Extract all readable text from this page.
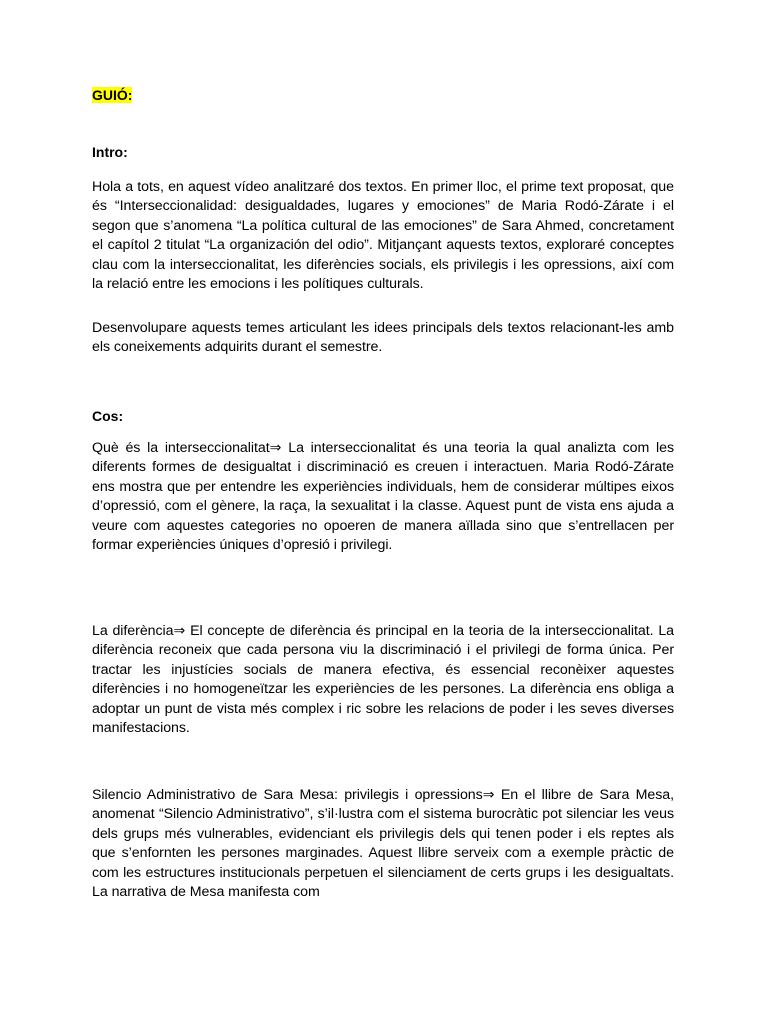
GUIÓ:
Intro:

Hola a tots, en aquest vídeo analitzaré dos textos. En primer lloc, el prime text proposat, que és “Interseccionalidad: desigualdades, lugares y emociones” de Maria Rodó-Zárate i el segon que s’anomena “La política cultural de las emociones” de Sara Ahmed, concretament el capítol 2 titulat “La organización del odio”. Mitjançant aquests textos, exploraré conceptes clau com la interseccionalitat, les diferències socials, els privilegis i les opressions, així com la relació entre les emocions i les polítiques culturals.

Desenvolupare aquests temes articulant les idees principals dels textos relacionant-les amb els coneixements adquirits durant el semestre.

Cos:

Què és la interseccionalitat⇒ La interseccionalitat és una teoria la qual analizta com les diferents formes de desigualtat i discriminació es creuen i interactuen. Maria Rodó-Zárate ens mostra que per entendre les experiències individuals, hem de considerar múltipes eixos d’opressió, com el gènere, la raça, la sexualitat i la classe. Aquest punt de vista ens ajuda a veure com aquestes categories no opoeren de manera aïllada sino que s’entrellacen per formar experiències úniques d’opresió i privilegi.

La diferència⇒ El concepte de diferència és principal en la teoria de la interseccionalitat. La diferència reconeix que cada persona viu la discriminació i el privilegi de forma única. Per tractar les injustícies socials de manera efectiva, és essencial reconèixer aquestes diferències i no homogeneïtzar les experiències de les persones. La diferència ens obliga a adoptar un punt de vista més complex i ric sobre les relacions de poder i les seves diverses manifestacions.

Silencio Administrativo de Sara Mesa: privilegis i opressions⇒ En el llibre de Sara Mesa, anomenat “Silencio Administrativo”, s’il·lustra com el sistema burocràtic pot silenciar les veus dels grups més vulnerables, evidenciant els privilegis dels qui tenen poder i els reptes als que s’enfornten les persones marginades. Aquest llibre serveix com a exemple pràctic de com les estructures institucionals perpetuen el silenciament de certs grups i les desigualtats. La narrativa de Mesa manifesta com
